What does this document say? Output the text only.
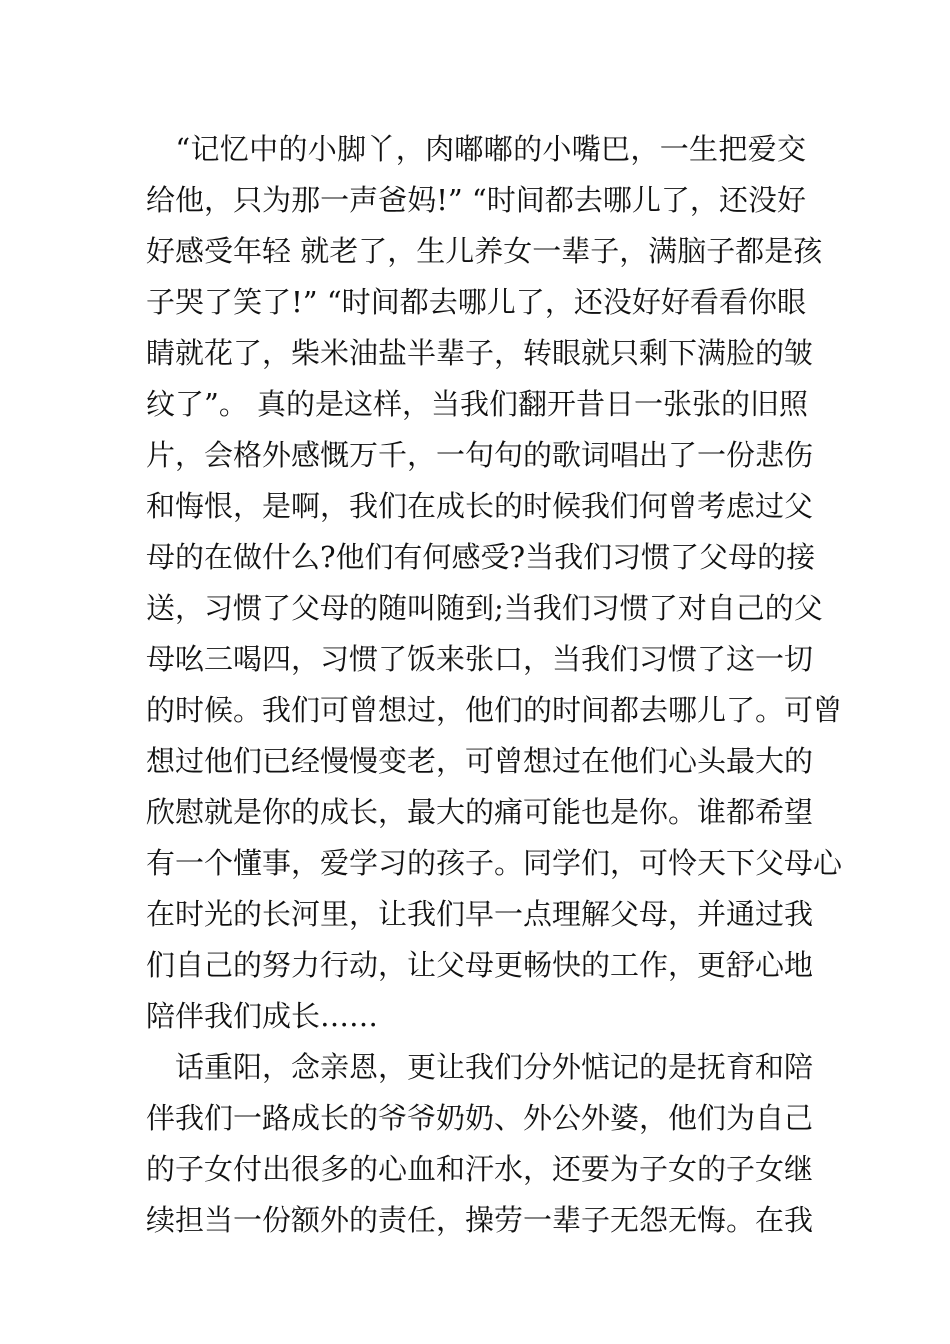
　“记忆中的小脚丫，肉嘟嘟的小嘴巴，一生把爱交
给他，只为那一声爸妈!” “时间都去哪儿了，还没好
好感受年轻 就老了，生儿养女一辈子，满脑子都是孩
子哭了笑了!” “时间都去哪儿了，还没好好看看你眼
睛就花了，柴米油盐半辈子，转眼就只剩下满脸的皱
纹了”。 真的是这样，当我们翻开昔日一张张的旧照
片，会格外感慨万千，一句句的歌词唱出了一份悲伤
和悔恨，是啊，我们在成长的时候我们何曾考虑过父
母的在做什么?他们有何感受?当我们习惯了父母的接
送，习惯了父母的随叫随到;当我们习惯了对自己的父
母吆三喝四，习惯了饭来张口，当我们习惯了这一切
的时候。我们可曾想过，他们的时间都去哪儿了。可曾
想过他们已经慢慢变老，可曾想过在他们心头最大的
欣慰就是你的成长，最大的痛可能也是你。谁都希望
有一个懂事，爱学习的孩子。同学们，可怜天下父母心
在时光的长河里，让我们早一点理解父母，并通过我
们自己的努力行动，让父母更畅快的工作，更舒心地
陪伴我们成长……
　话重阳，念亲恩，更让我们分外惦记的是抚育和陪
伴我们一路成长的爷爷奶奶、外公外婆，他们为自己
的子女付出很多的心血和汗水，还要为子女的子女继
续担当一份额外的责任，操劳一辈子无怨无悔。在我
